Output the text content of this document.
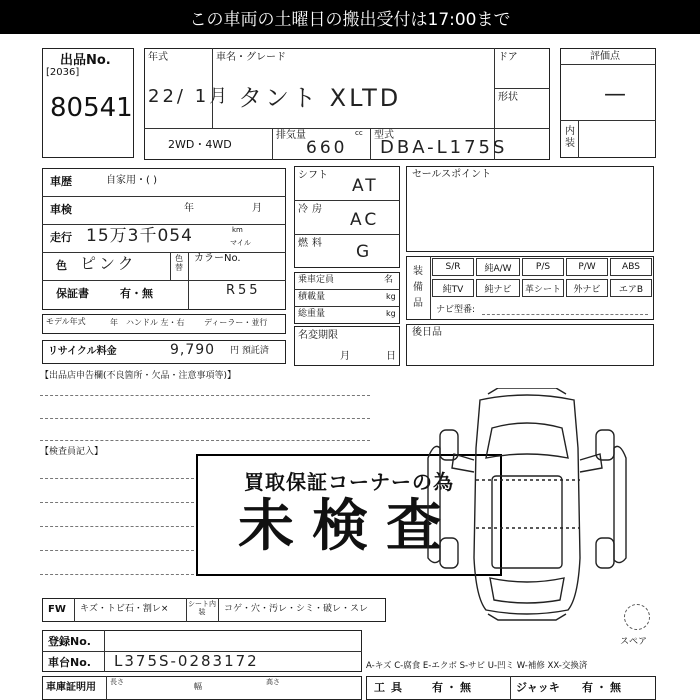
この車両の土曜日の搬出受付は17:00まで
出品No.
[2036]
80541
年式
22/ 1月
車名・グレード
タント XLTD
ドア
形状
2WD・4WD
排気量	cc
660
型式
DBA-L175S
評価点
—
内装
車歴	自家用・( )
車検	年	月
走行 15万3千054	km
マイル
色 ピンク	色替
カラーNo.
R55
保証書	有・無
モデル年式	年 ハンドル 左・右 ディーラー・並行
リサイクル料金	9,790 円 預託済
シフト
AT
冷房
AC
燃料 G
乗車定員	名
積載量	kg
総重量	kg
名変期限
月	日
セールスポイント
装備品
S/R	純A/W	P/S	P/W	ABS
純TV 純ナビ 革シート 外ナビ エアB
ナビ型番:
後日品
【出品店申告欄(不良箇所・欠品・注意事項等)】
【検査員記入】
買取保証コーナーの為
未検査
スペア
FW キズ・トビ石・割レ×	シート内装	コゲ・穴・汚レ・シミ・破レ・スレ
登録No.
車台No. L375S-0283172	A-キズ C-腐食 E-エクボ S-サビ U-凹ミ W-補修 XX-交換済
車庫証明用 長さ	幅	高さ	工具 有・無	ジャッキ 有・無
